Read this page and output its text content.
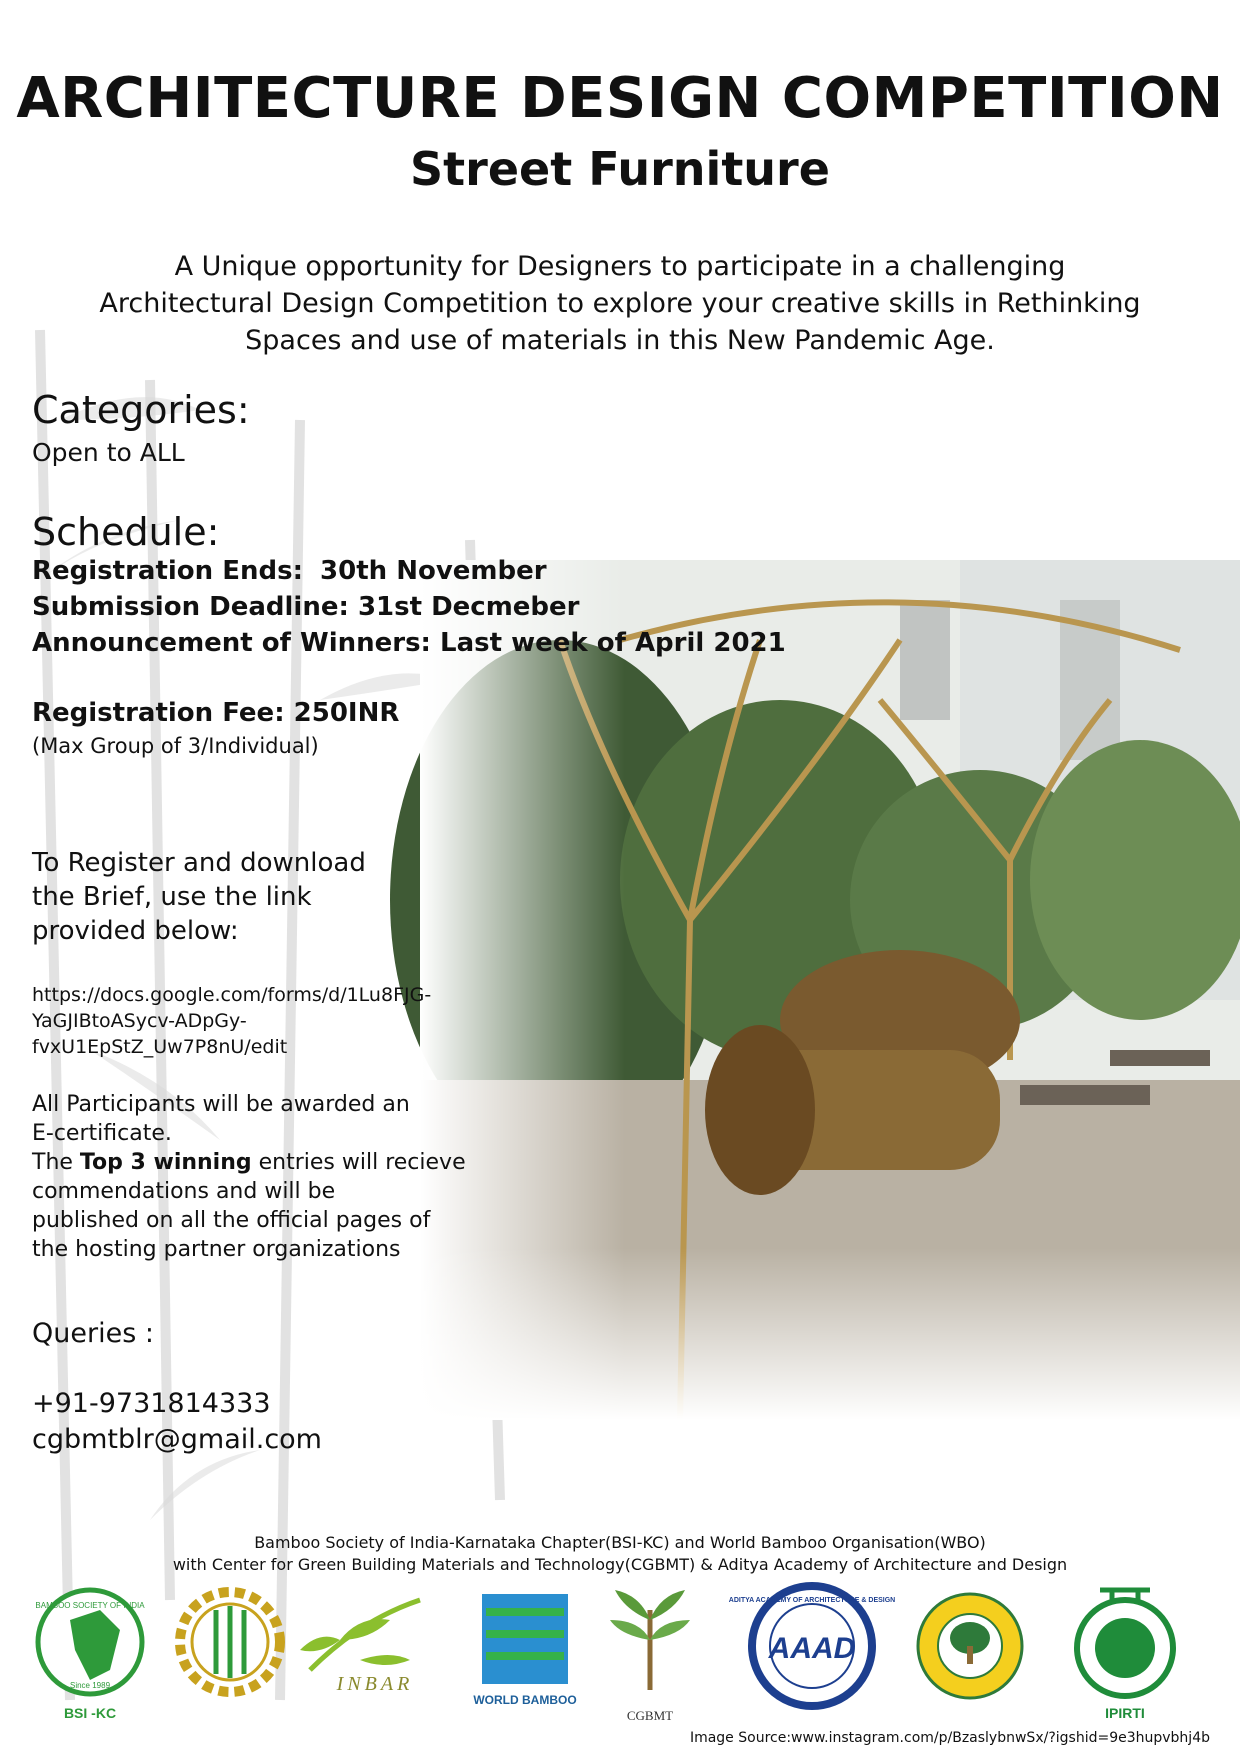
ARCHITECTURE DESIGN COMPETITION
Street Furniture
A Unique opportunity for Designers to participate in a challenging
Architectural Design Competition to explore your creative skills in Rethinking
Spaces and use of materials in this New Pandemic Age.
Categories:
Open to ALL
Schedule:
Registration Ends: 30th November
Submission Deadline: 31st Decmeber
Announcement of Winners: Last week of April 2021
Registration Fee: 250INR
(Max Group of 3/Individual)
To Register and download
the Brief, use the link
provided below:
https://docs.google.com/forms/d/1Lu8FJG-
YaGJIBtoASycv-ADpGy-
fvxU1EpStZ_Uw7P8nU/edit
All Participants will be awarded an
E-certificate.
The Top 3 winning entries will recieve
commendations and will be
published on all the official pages of
the hosting partner organizations
Queries :
+91-9731814333
cgbmtblr@gmail.com
Bamboo Society of India-Karnataka Chapter(BSI-KC) and World Bamboo Organisation(WBO)
with Center for Green Building Materials and Technology(CGBMT) & Aditya Academy of Architecture and Design
BAMBOO SOCIETY OF INDIA
Since 1989
BSI -KC
INBAR
WORLD BAMBOO
CGBMT
ADITYA ACADEMY OF ARCHITECTURE & DESIGN
AAAD
IPIRTI
Image Source:www.instagram.com/p/BzaslybnwSx/?igshid=9e3hupvbhj4b
